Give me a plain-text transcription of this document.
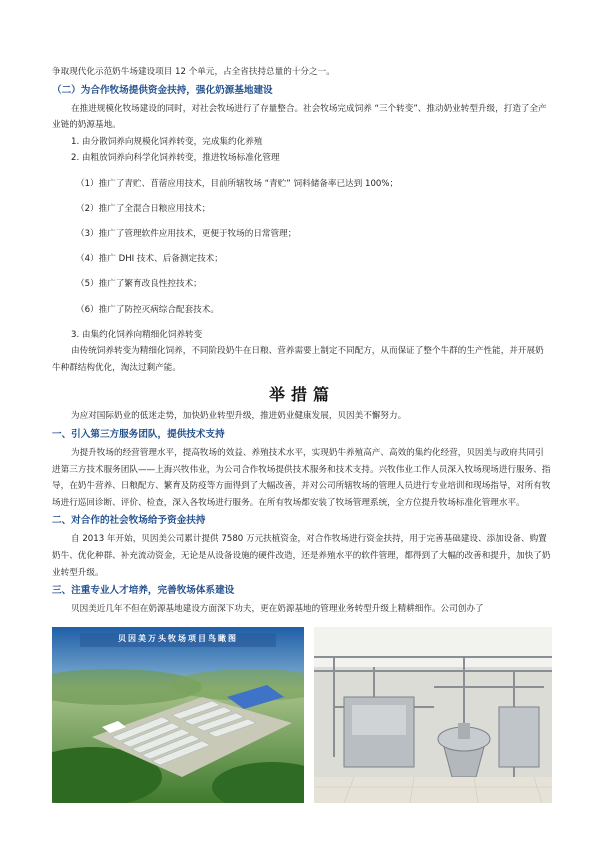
争取现代化示范奶牛场建设项目 12 个单元，占全省扶持总量的十分之一。

（二）为合作牧场提供资金扶持，强化奶源基地建设

在推进规模化牧场建设的同时，对社会牧场进行了存量整合。社会牧场完成饲养 “三个转变”、推动奶业转型升级，打造了全产业链的奶源基地。

1. 由分散饲养向规模化饲养转变，完成集约化养殖

2. 由粗放饲养向科学化饲养转变，推进牧场标准化管理

（1）推广了青贮、苜蓿应用技术，目前所辖牧场 “青贮” 饲料储备率已达到 100%；

（2）推广了全混合日粮应用技术；

（3）推广了管理软件应用技术，更便于牧场的日常管理；

（4）推广 DHI 技术、后备测定技术；

（5）推广了繁育改良性控技术；

（6）推广了防控灭病综合配套技术。

3. 由集约化饲养向精细化饲养转变

由传统饲养转变为精细化饲养，不同阶段奶牛在日粮、营养需要上制定不同配方，从而保证了整个牛群的生产性能，并开展奶牛种群结构优化，淘汰过剩产能。

举措篇

为应对国际奶业的低迷走势，加快奶业转型升级，推进奶业健康发展，贝因美不懈努力。

一、引入第三方服务团队，提供技术支持

为提升牧场的经营管理水平，提高牧场的效益、养殖技术水平，实现奶牛养殖高产、高效的集约化经营，贝因美与政府共同引进第三方技术服务团队——上海兴牧伟业，为公司合作牧场提供技术服务和技术支持。兴牧伟业工作人员深入牧场现场进行服务、指导，在奶牛营养、日粮配方、繁育及防疫等方面得到了大幅改善，并对公司所辖牧场的管理人员进行专业培训和现场指导，对所有牧场进行巡回诊断、评价、检查，深入各牧场进行服务。在所有牧场都安装了牧场管理系统，全方位提升牧场标准化管理水平。

二、对合作的社会牧场给予资金扶持

自 2013 年开始，贝因美公司累计提供 7580 万元扶植资金，对合作牧场进行资金扶持，用于完善基础建设、添加设备、购置奶牛、优化种群、补充流动资金，无论是从设备设施的硬件改造，还是养殖水平的软件管理，都得到了大幅的改善和提升，加快了奶业转型升级。

三、注重专业人才培养，完善牧场体系建设

贝因美近几年不但在奶源基地建设方面深下功夫，更在奶源基地的管理业务转型升级上精耕细作。公司创办了

贝因美万头牧场项目鸟瞰图
